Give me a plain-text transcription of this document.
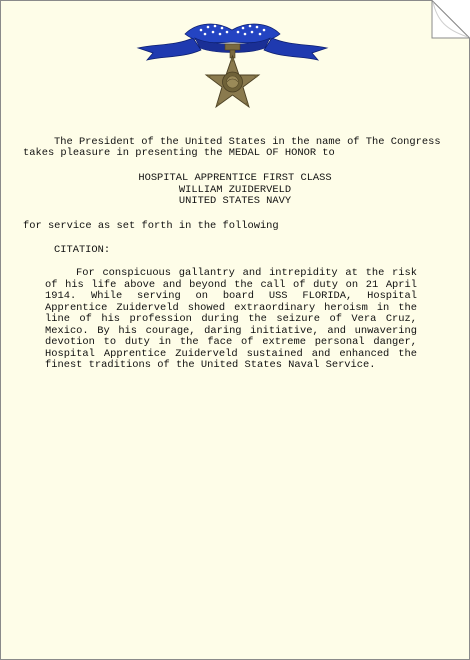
The President of the United States in the name of The Congress
takes pleasure in presenting the MEDAL OF HONOR to
HOSPITAL APPRENTICE FIRST CLASS
WILLIAM ZUIDERVELD
UNITED STATES NAVY
for service as set forth in the following
CITATION:

For conspicuous gallantry and intrepidity at the risk of his life above and beyond the call of duty on 21 April 1914. While serving on board USS FLORIDA, Hospital Apprentice Zuiderveld showed extraordinary heroism in the line of his profession during the seizure of Vera Cruz, Mexico. By his courage, daring initiative, and unwavering devotion to duty in the face of extreme personal danger, Hospital Apprentice Zuiderveld sustained and enhanced the finest traditions of the United States Naval Service.
